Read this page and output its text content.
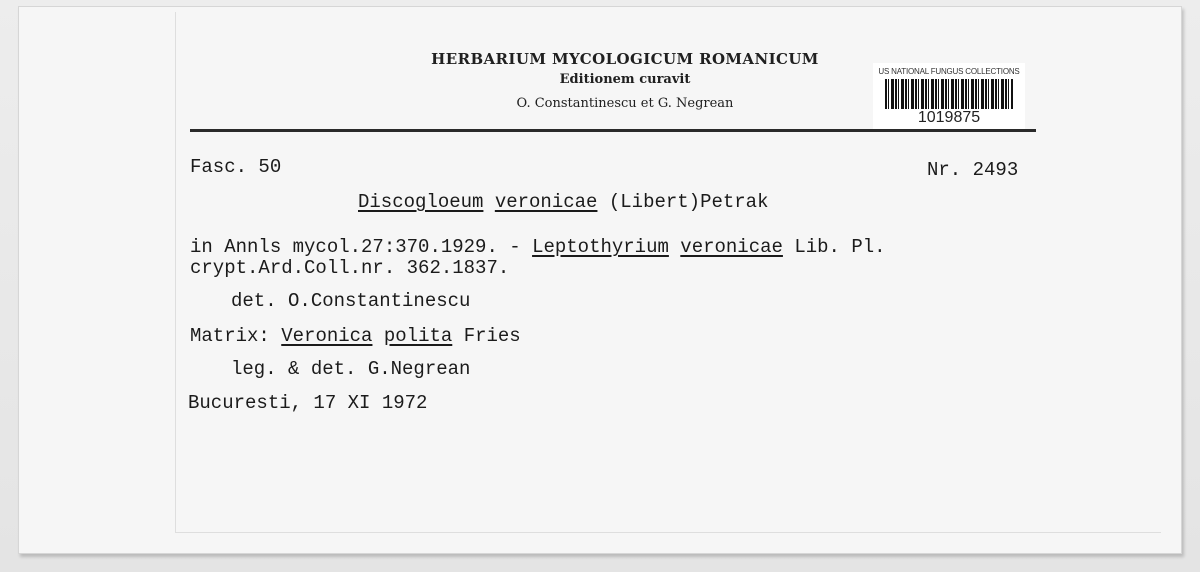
HERBARIUM MYCOLOGICUM ROMANICUM
Editionem curavit
O. Constantinescu et G. Negrean
US NATIONAL FUNGUS COLLECTIONS
1019875
Fasc. 50	Nr. 2493
Discogloeum veronicae (Libert)Petrak
in Annls mycol.27:370.1929. - Leptothyrium veronicae Lib. Pl.
crypt.Ard.Coll.nr. 362.1837.
det. O.Constantinescu
Matrix: Veronica polita Fries
leg. & det. G.Negrean
Bucuresti, 17 XI 1972
